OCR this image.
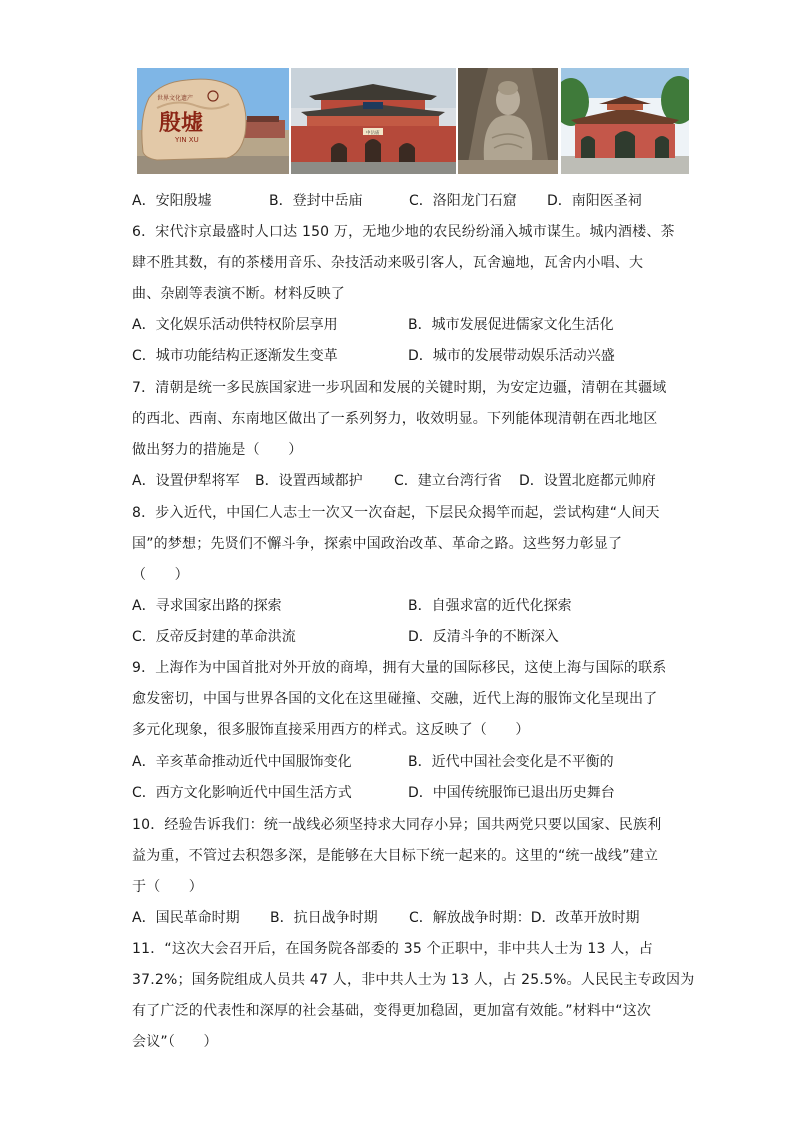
世界文化遗产
殷墟
YIN XU
中岳庙
A．安阳殷墟	B．登封中岳庙	C．洛阳龙门石窟 D．南阳医圣祠
6．宋代汴京最盛时人口达 150 万，无地少地的农民纷纷涌入城市谋生。城内酒楼、茶
肆不胜其数，有的茶楼用音乐、杂技活动来吸引客人，瓦舍遍地，瓦舍内小唱、大
曲、杂剧等表演不断。材料反映了
A．文化娱乐活动供特权阶层享用	B．城市发展促进儒家文化生活化
C．城市功能结构正逐渐发生变革	D．城市的发展带动娱乐活动兴盛
7．清朝是统一多民族国家进一步巩固和发展的关键时期，为安定边疆，清朝在其疆域
的西北、西南、东南地区做出了一系列努力，收效明显。下列能体现清朝在西北地区
做出努力的措施是（　　）
A．设置伊犁将军 B．设置西域都护 C．建立台湾行省 D．设置北庭都元帅府
8．步入近代，中国仁人志士一次又一次奋起，下层民众揭竿而起，尝试构建“人间天
国”的梦想；先贤们不懈斗争，探索中国政治改革、革命之路。这些努力彰显了
（　　）
A．寻求国家出路的探索	B．自强求富的近代化探索
C．反帝反封建的革命洪流	D．反清斗争的不断深入
9．上海作为中国首批对外开放的商埠，拥有大量的国际移民，这使上海与国际的联系
愈发密切，中国与世界各国的文化在这里碰撞、交融，近代上海的服饰文化呈现出了
多元化现象，很多服饰直接采用西方的样式。这反映了（　　）
A．辛亥革命推动近代中国服饰变化	B．近代中国社会变化是不平衡的
C．西方文化影响近代中国生活方式	D．中国传统服饰已退出历史舞台
10．经验告诉我们：统一战线必须坚持求大同存小异；国共两党只要以国家、民族利
益为重，不管过去积怨多深，是能够在大目标下统一起来的。这里的“统一战线”建立
于（　　）
A．国民革命时期 B．抗日战争时期 C．解放战争时期：D．改革开放时期
11．“这次大会召开后，在国务院各部委的 35 个正职中，非中共人士为 13 人，占
37.2%；国务院组成人员共 47 人，非中共人士为 13 人，占 25.5%。人民民主专政因为
有了广泛的代表性和深厚的社会基础，变得更加稳固，更加富有效能。”材料中“这次
会议”（　　）
